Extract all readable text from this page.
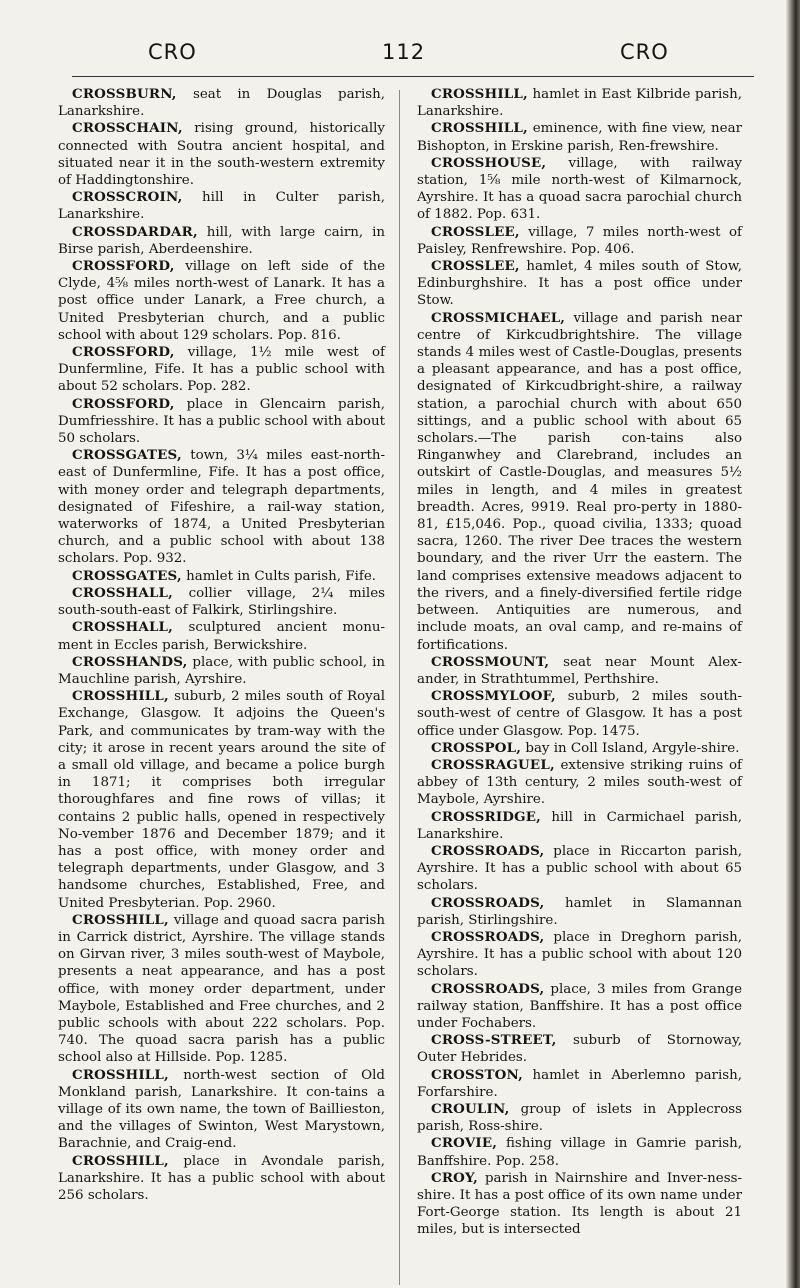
CRO	112	CRO

CROSSBURN, seat in Douglas parish, Lanarkshire.

CROSSCHAIN, rising ground, historically connected with Soutra ancient hospital, and situated near it in the south-western extremity of Haddingtonshire.

CROSSCROIN, hill in Culter parish, Lanarkshire.

CROSSDARDAR, hill, with large cairn, in Birse parish, Aberdeenshire.

CROSSFORD, village on left side of the Clyde, 4⅝ miles north-west of Lanark. It has a post office under Lanark, a Free church, a United Presbyterian church, and a public school with about 129 scholars. Pop. 816.

CROSSFORD, village, 1½ mile west of Dunfermline, Fife. It has a public school with about 52 scholars. Pop. 282.

CROSSFORD, place in Glencairn parish, Dumfriesshire. It has a public school with about 50 scholars.

CROSSGATES, town, 3¼ miles east-north-east of Dunfermline, Fife. It has a post office, with money order and telegraph departments, designated of Fifeshire, a rail-way station, waterworks of 1874, a United Presbyterian church, and a public school with about 138 scholars. Pop. 932.

CROSSGATES, hamlet in Cults parish, Fife.

CROSSHALL, collier village, 2¼ miles south-south-east of Falkirk, Stirlingshire.

CROSSHALL, sculptured ancient monu-ment in Eccles parish, Berwickshire.

CROSSHANDS, place, with public school, in Mauchline parish, Ayrshire.

CROSSHILL, suburb, 2 miles south of Royal Exchange, Glasgow. It adjoins the Queen's Park, and communicates by tram-way with the city; it arose in recent years around the site of a small old village, and became a police burgh in 1871; it comprises both irregular thoroughfares and fine rows of villas; it contains 2 public halls, opened in respectively No-vember 1876 and December 1879; and it has a post office, with money order and telegraph departments, under Glasgow, and 3 handsome churches, Established, Free, and United Presbyterian. Pop. 2960.

CROSSHILL, village and quoad sacra parish in Carrick district, Ayrshire. The village stands on Girvan river, 3 miles south-west of Maybole, presents a neat appearance, and has a post office, with money order department, under Maybole, Established and Free churches, and 2 public schools with about 222 scholars. Pop. 740. The quoad sacra parish has a public school also at Hillside. Pop. 1285.

CROSSHILL, north-west section of Old Monkland parish, Lanarkshire. It con-tains a village of its own name, the town of Baillieston, and the villages of Swinton, West Marystown, Barachnie, and Craig-end.

CROSSHILL, place in Avondale parish, Lanarkshire. It has a public school with about 256 scholars.

CROSSHILL, hamlet in East Kilbride parish, Lanarkshire.

CROSSHILL, eminence, with fine view, near Bishopton, in Erskine parish, Ren-frewshire.

CROSSHOUSE, village, with railway station, 1⅝ mile north-west of Kilmarnock, Ayrshire. It has a quoad sacra parochial church of 1882. Pop. 631.

CROSSLEE, village, 7 miles north-west of Paisley, Renfrewshire. Pop. 406.

CROSSLEE, hamlet, 4 miles south of Stow, Edinburghshire. It has a post office under Stow.

CROSSMICHAEL, village and parish near centre of Kirkcudbrightshire. The village stands 4 miles west of Castle-Douglas, presents a pleasant appearance, and has a post office, designated of Kirkcudbright-shire, a railway station, a parochial church with about 650 sittings, and a public school with about 65 scholars.—The parish con-tains also Ringanwhey and Clarebrand, includes an outskirt of Castle-Douglas, and measures 5½ miles in length, and 4 miles in greatest breadth. Acres, 9919. Real pro-perty in 1880-81, £15,046. Pop., quoad civilia, 1333; quoad sacra, 1260. The river Dee traces the western boundary, and the river Urr the eastern. The land comprises extensive meadows adjacent to the rivers, and a finely-diversified fertile ridge between. Antiquities are numerous, and include moats, an oval camp, and re-mains of fortifications.

CROSSMOUNT, seat near Mount Alex-ander, in Strathtummel, Perthshire.

CROSSMYLOOF, suburb, 2 miles south-south-west of centre of Glasgow. It has a post office under Glasgow. Pop. 1475.

CROSSPOL, bay in Coll Island, Argyle-shire.

CROSSRAGUEL, extensive striking ruins of abbey of 13th century, 2 miles south-west of Maybole, Ayrshire.

CROSSRIDGE, hill in Carmichael parish, Lanarkshire.

CROSSROADS, place in Riccarton parish, Ayrshire. It has a public school with about 65 scholars.

CROSSROADS, hamlet in Slamannan parish, Stirlingshire.

CROSSROADS, place in Dreghorn parish, Ayrshire. It has a public school with about 120 scholars.

CROSSROADS, place, 3 miles from Grange railway station, Banffshire. It has a post office under Fochabers.

CROSS-STREET, suburb of Stornoway, Outer Hebrides.

CROSSTON, hamlet in Aberlemno parish, Forfarshire.

CROULIN, group of islets in Applecross parish, Ross-shire.

CROVIE, fishing village in Gamrie parish, Banffshire. Pop. 258.

CROY, parish in Nairnshire and Inver-ness-shire. It has a post office of its own name under Fort-George station. Its length is about 21 miles, but is intersected
